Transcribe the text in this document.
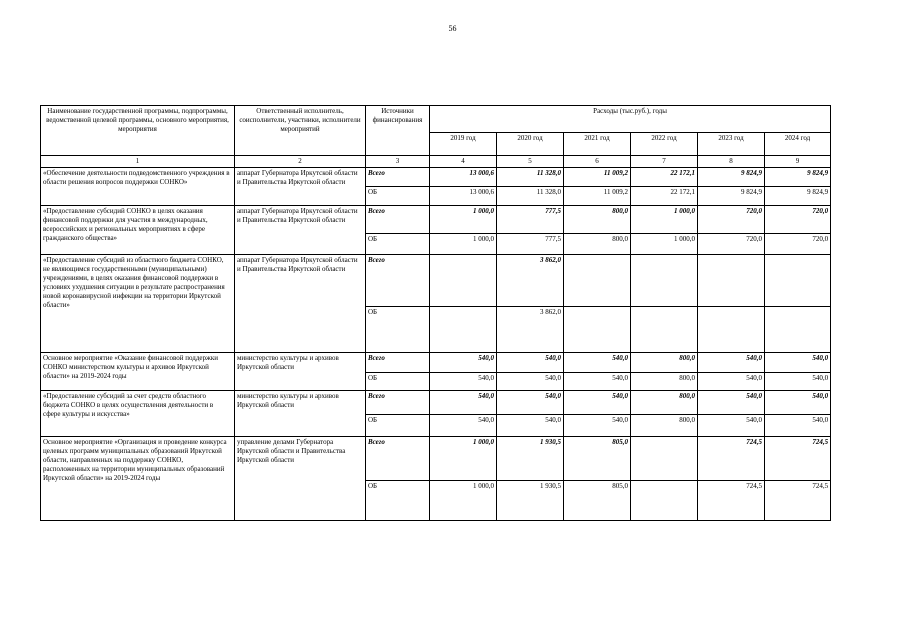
56
Наименование государственной программы, подпрограммы, ведомственной целевой программы, основного мероприятия, мероприятия	Ответственный исполнитель, соисполнители, участники, исполнители мероприятий	Источники финансирования	Расходы (тыс.руб.), годы					
			2019 год	2020 год	2021 год	2022 год	2023 год	2024 год
1	2	3	4	5	6	7	8	9
«Обеспечение деятельности подведомственного учреждения в области решения вопросов поддержки СОНКО»	аппарат Губернатора Иркутской области и Правительства Иркутской области	Всего	13 000,6	11 328,0	11 009,2	22 172,1	9 824,9	9 824,9
		ОБ	13 000,6	11 328,0	11 009,2	22 172,1	9 824,9	9 824,9
«Предоставление субсидий СОНКО в целях оказания финансовой поддержки для участия в международных, всероссийских и региональных мероприятиях в сфере гражданского общества»	аппарат Губернатора Иркутской области и Правительства Иркутской области	Всего	1 000,0	777,5	800,0	1 000,0	720,0	720,0
		ОБ	1 000,0	777,5	800,0	1 000,0	720,0	720,0
«Предоставление субсидий из областного бюджета СОНКО, не являющимся государственными (муниципальными) учреждениями, в целях оказания финансовой поддержки в условиях ухудшения ситуации в результате распространения новой коронавирусной инфекции на территории Иркутской области»	аппарат Губернатора Иркутской области и Правительства Иркутской области	Всего		3 862,0				
		ОБ		3 862,0				
Основное мероприятие «Оказание финансовой поддержки СОНКО министерством культуры и архивов Иркутской области» на 2019-2024 годы	министерство культуры и архивов Иркутской области	Всего	540,0	540,0	540,0	800,0	540,0	540,0
		ОБ	540,0	540,0	540,0	800,0	540,0	540,0
«Предоставление субсидий за счет средств областного бюджета СОНКО в целях осуществления деятельности в сфере культуры и искусства»	министерство культуры и архивов Иркутской области	Всего	540,0	540,0	540,0	800,0	540,0	540,0
		ОБ	540,0	540,0	540,0	800,0	540,0	540,0
Основное мероприятие «Организация и проведение конкурса целевых программ муниципальных образований Иркутской области, направленных на поддержку СОНКО, расположенных на территории муниципальных образований Иркутской области» на 2019-2024 годы	управление делами Губернатора Иркутской области и Правительства Иркутской области	Всего	1 000,0	1 930,5	805,0		724,5	724,5
		ОБ	1 000,0	1 930,5	805,0		724,5	724,5
